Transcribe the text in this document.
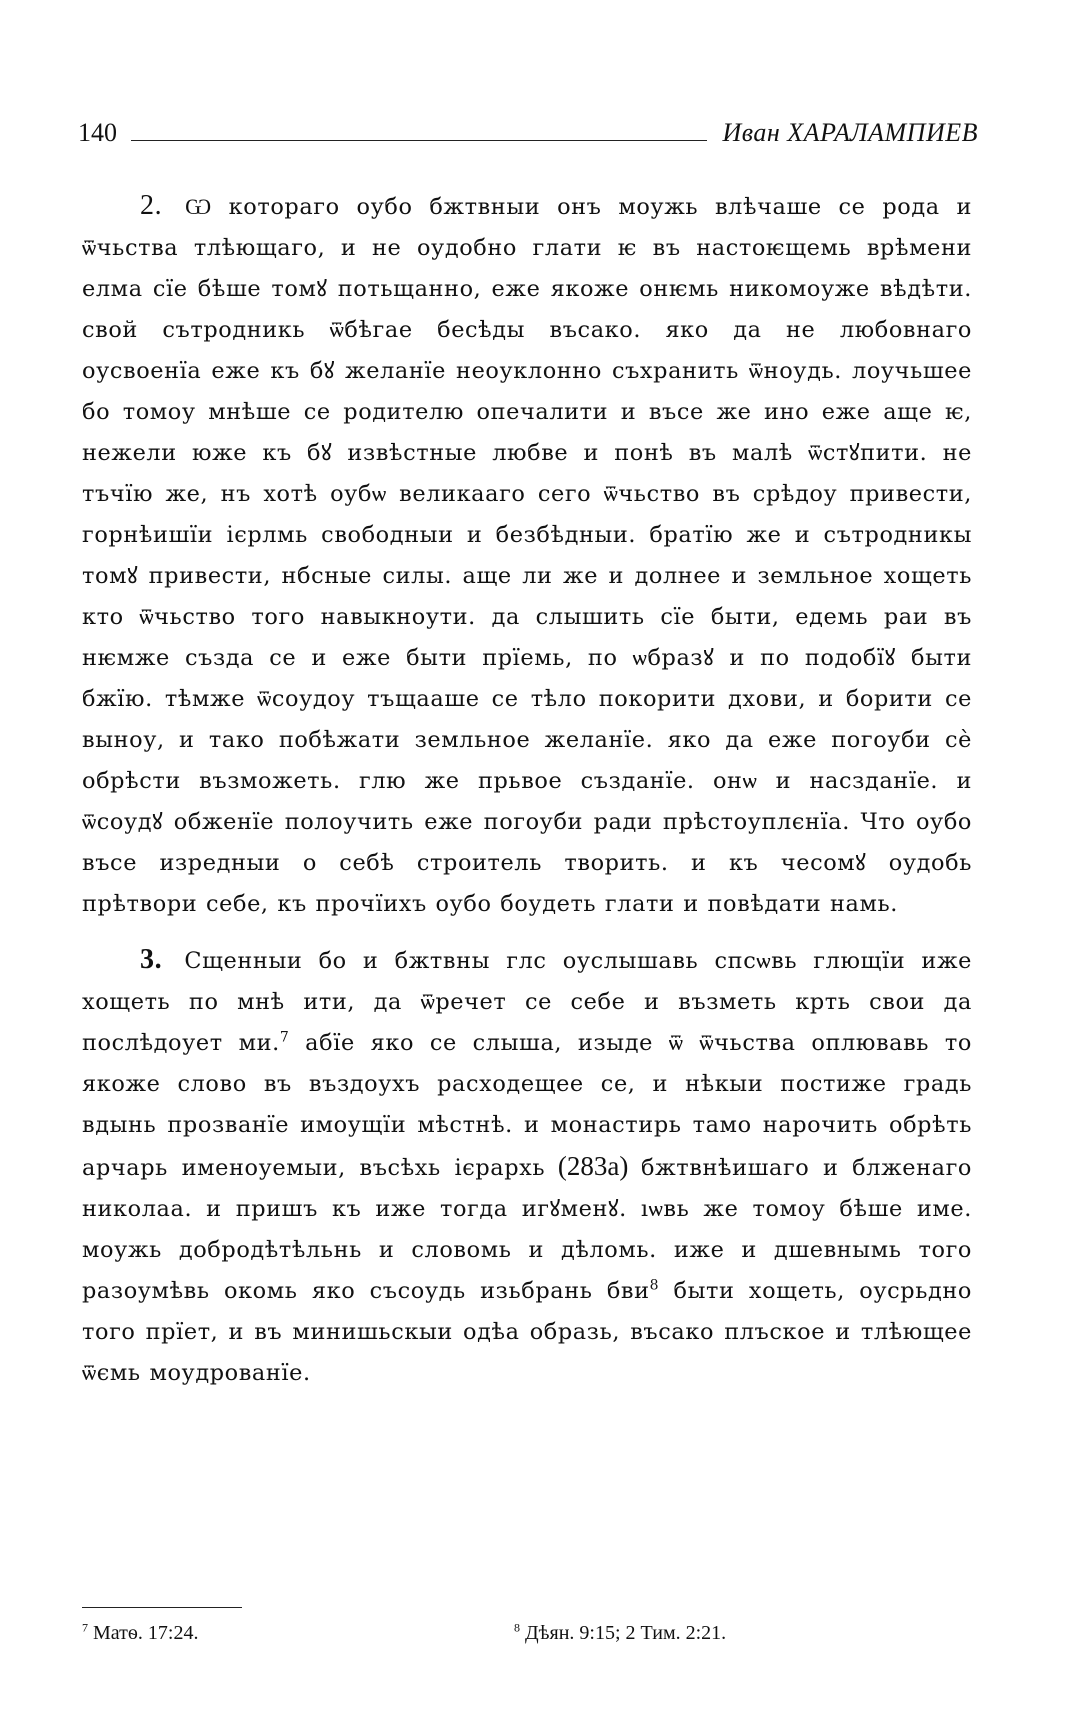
140	Иван ХАРАЛАМПИЕВ

2. Ѡ котораго оубо бжтвныи онъ моужь влѣчаше се рода и ѿчьства тлѣющаго, и не оудобно глати ѥ въ настоѥщемь врѣмени елма сїе бѣше томꙋ потьщанно, еже якоже онѥмь никомоужe вѣдѣти. свой сътродникь ѿбѣгае бесѣды въсако. яко да не любовнаго оусвоенїа еже къ бꙋ желанїе неоуклонно съхранить ѿноудь. лоучьшеe бо томоу мнѣше се родителю опечалити и въсе же ино еже аще ѥ, нежели юже къ бꙋ извѣстные любве и понѣ въ малѣ ѿстꙋпити. не тъчїю же, нъ хотѣ оубѡ великааго сего ѿчьство въ срѣдоу привести, горнѣишїи ієрлмь свободныи и безбѣдныи. братїю же и сътродникы томꙋ привести, нбсные силы. аще ли же и долнеe и земльное хощеть кто ѿчьство того навыкноути. да слышить сїе быти, едемь раи въ нѥмже създа се и еже быти прїемь, по ѡбразꙋ и по подобїꙋ быти бжїю. тѣмже ѿсоудоу тъщааше се тѣло покорити дхови, и борити се вынoу, и тако побѣжати земльное желанїе. яко да еже погоуби сѐ обрѣсти възможеть. глю же прьвое създанїе. онѡ и насзданїе. и ѿсоудꙋ обженїе полоучить еже погоуби ради прѣстоуплєнїа. Что оубо въсе изредныи о себѣ строитель творить. и къ чесомꙋ оудобь прѣтвори себе, къ прочїихъ оубо боудеть глати и повѣдати намь.

3. Сщенныи бо и бжтвны глс оуслышавь спсѡвь глющїи иже хощеть по мнѣ ити, да ѿречет се себе и възметь крть свои да послѣдоует ми.$^7$ абїе яко се слыша, изыде ѿ ѿчьства оплювавь то якоже слово въ въздоухъ расходещее се, и нѣкыи постиже градь вдынь прозванїе имоущїи мѣстнѣ. и монастирь тамо нарочить обрѣть арчарь именоуемыи, въсѣхь ієрархь (283а) бжтвнѣишаго и блженаго николаа. и пришъ къ иже тогда игꙋменꙋ. ıѡвь же томоу бѣше име. моужь добродѣтѣльнь и словомь и дѣломь. иже и дшевнымь того разоумѣвь окомь яко съсоудь изьбрань бви$^8$ быти хощеть, оусрьдно того прїет, и въ минишьскыи одѣа образь, въсако плъское и тлѣющее ѿємь моудрованїе.

$^7$ Матѳ. 17:24.	$^8$ Дѣян. 9:15; 2 Тим. 2:21.
